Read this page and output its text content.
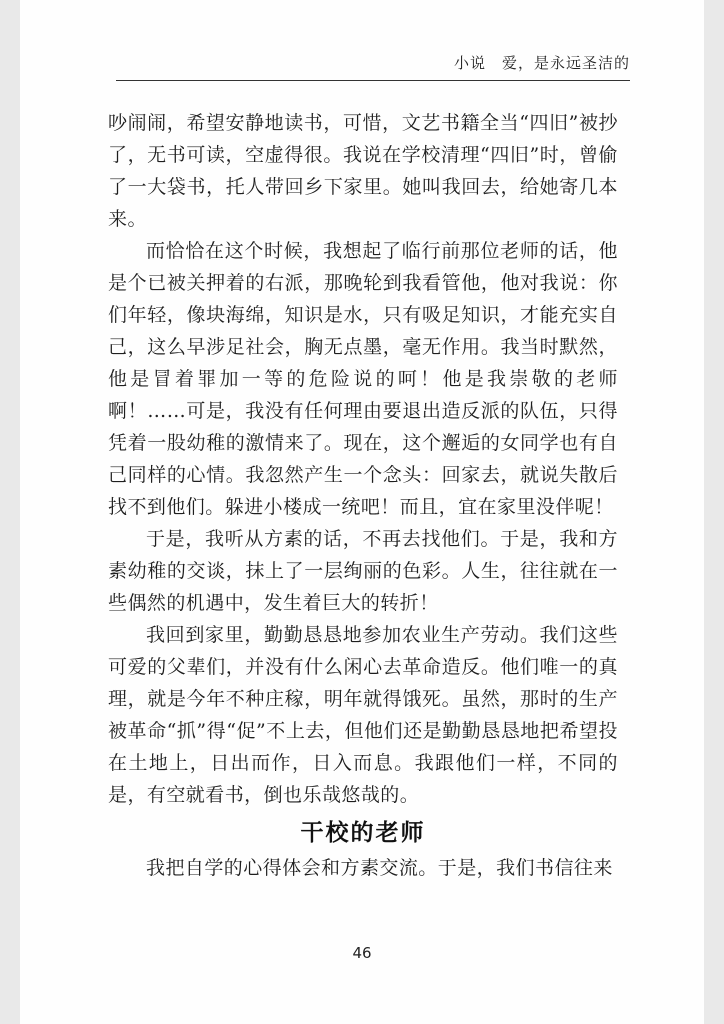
小说 爱，是永远圣洁的

吵闹闹，希望安静地读书，可惜，文艺书籍全当“四旧”被抄了，无书可读，空虚得很。我说在学校清理“四旧”时，曾偷了一大袋书，托人带回乡下家里。她叫我回去，给她寄几本来。

而恰恰在这个时候，我想起了临行前那位老师的话，他是个已被关押着的右派，那晚轮到我看管他，他对我说：你们年轻，像块海绵，知识是水，只有吸足知识，才能充实自己，这么早涉足社会，胸无点墨，毫无作用。我当时默然，他是冒着罪加一等的危险说的呵！他是我崇敬的老师啊！……可是，我没有任何理由要退出造反派的队伍，只得凭着一股幼稚的激情来了。现在，这个邂逅的女同学也有自己同样的心情。我忽然产生一个念头：回家去，就说失散后找不到他们。躲进小楼成一统吧！而且，宜在家里没伴呢！

于是，我听从方素的话，不再去找他们。于是，我和方素幼稚的交谈，抹上了一层绚丽的色彩。人生，往往就在一些偶然的机遇中，发生着巨大的转折！

我回到家里，勤勤恳恳地参加农业生产劳动。我们这些可爱的父辈们，并没有什么闲心去革命造反。他们唯一的真理，就是今年不种庄稼，明年就得饿死。虽然，那时的生产被革命“抓”得“促”不上去，但他们还是勤勤恳恳地把希望投在土地上，日出而作，日入而息。我跟他们一样，不同的是，有空就看书，倒也乐哉悠哉的。

干校的老师

我把自学的心得体会和方素交流。于是，我们书信往来

46
